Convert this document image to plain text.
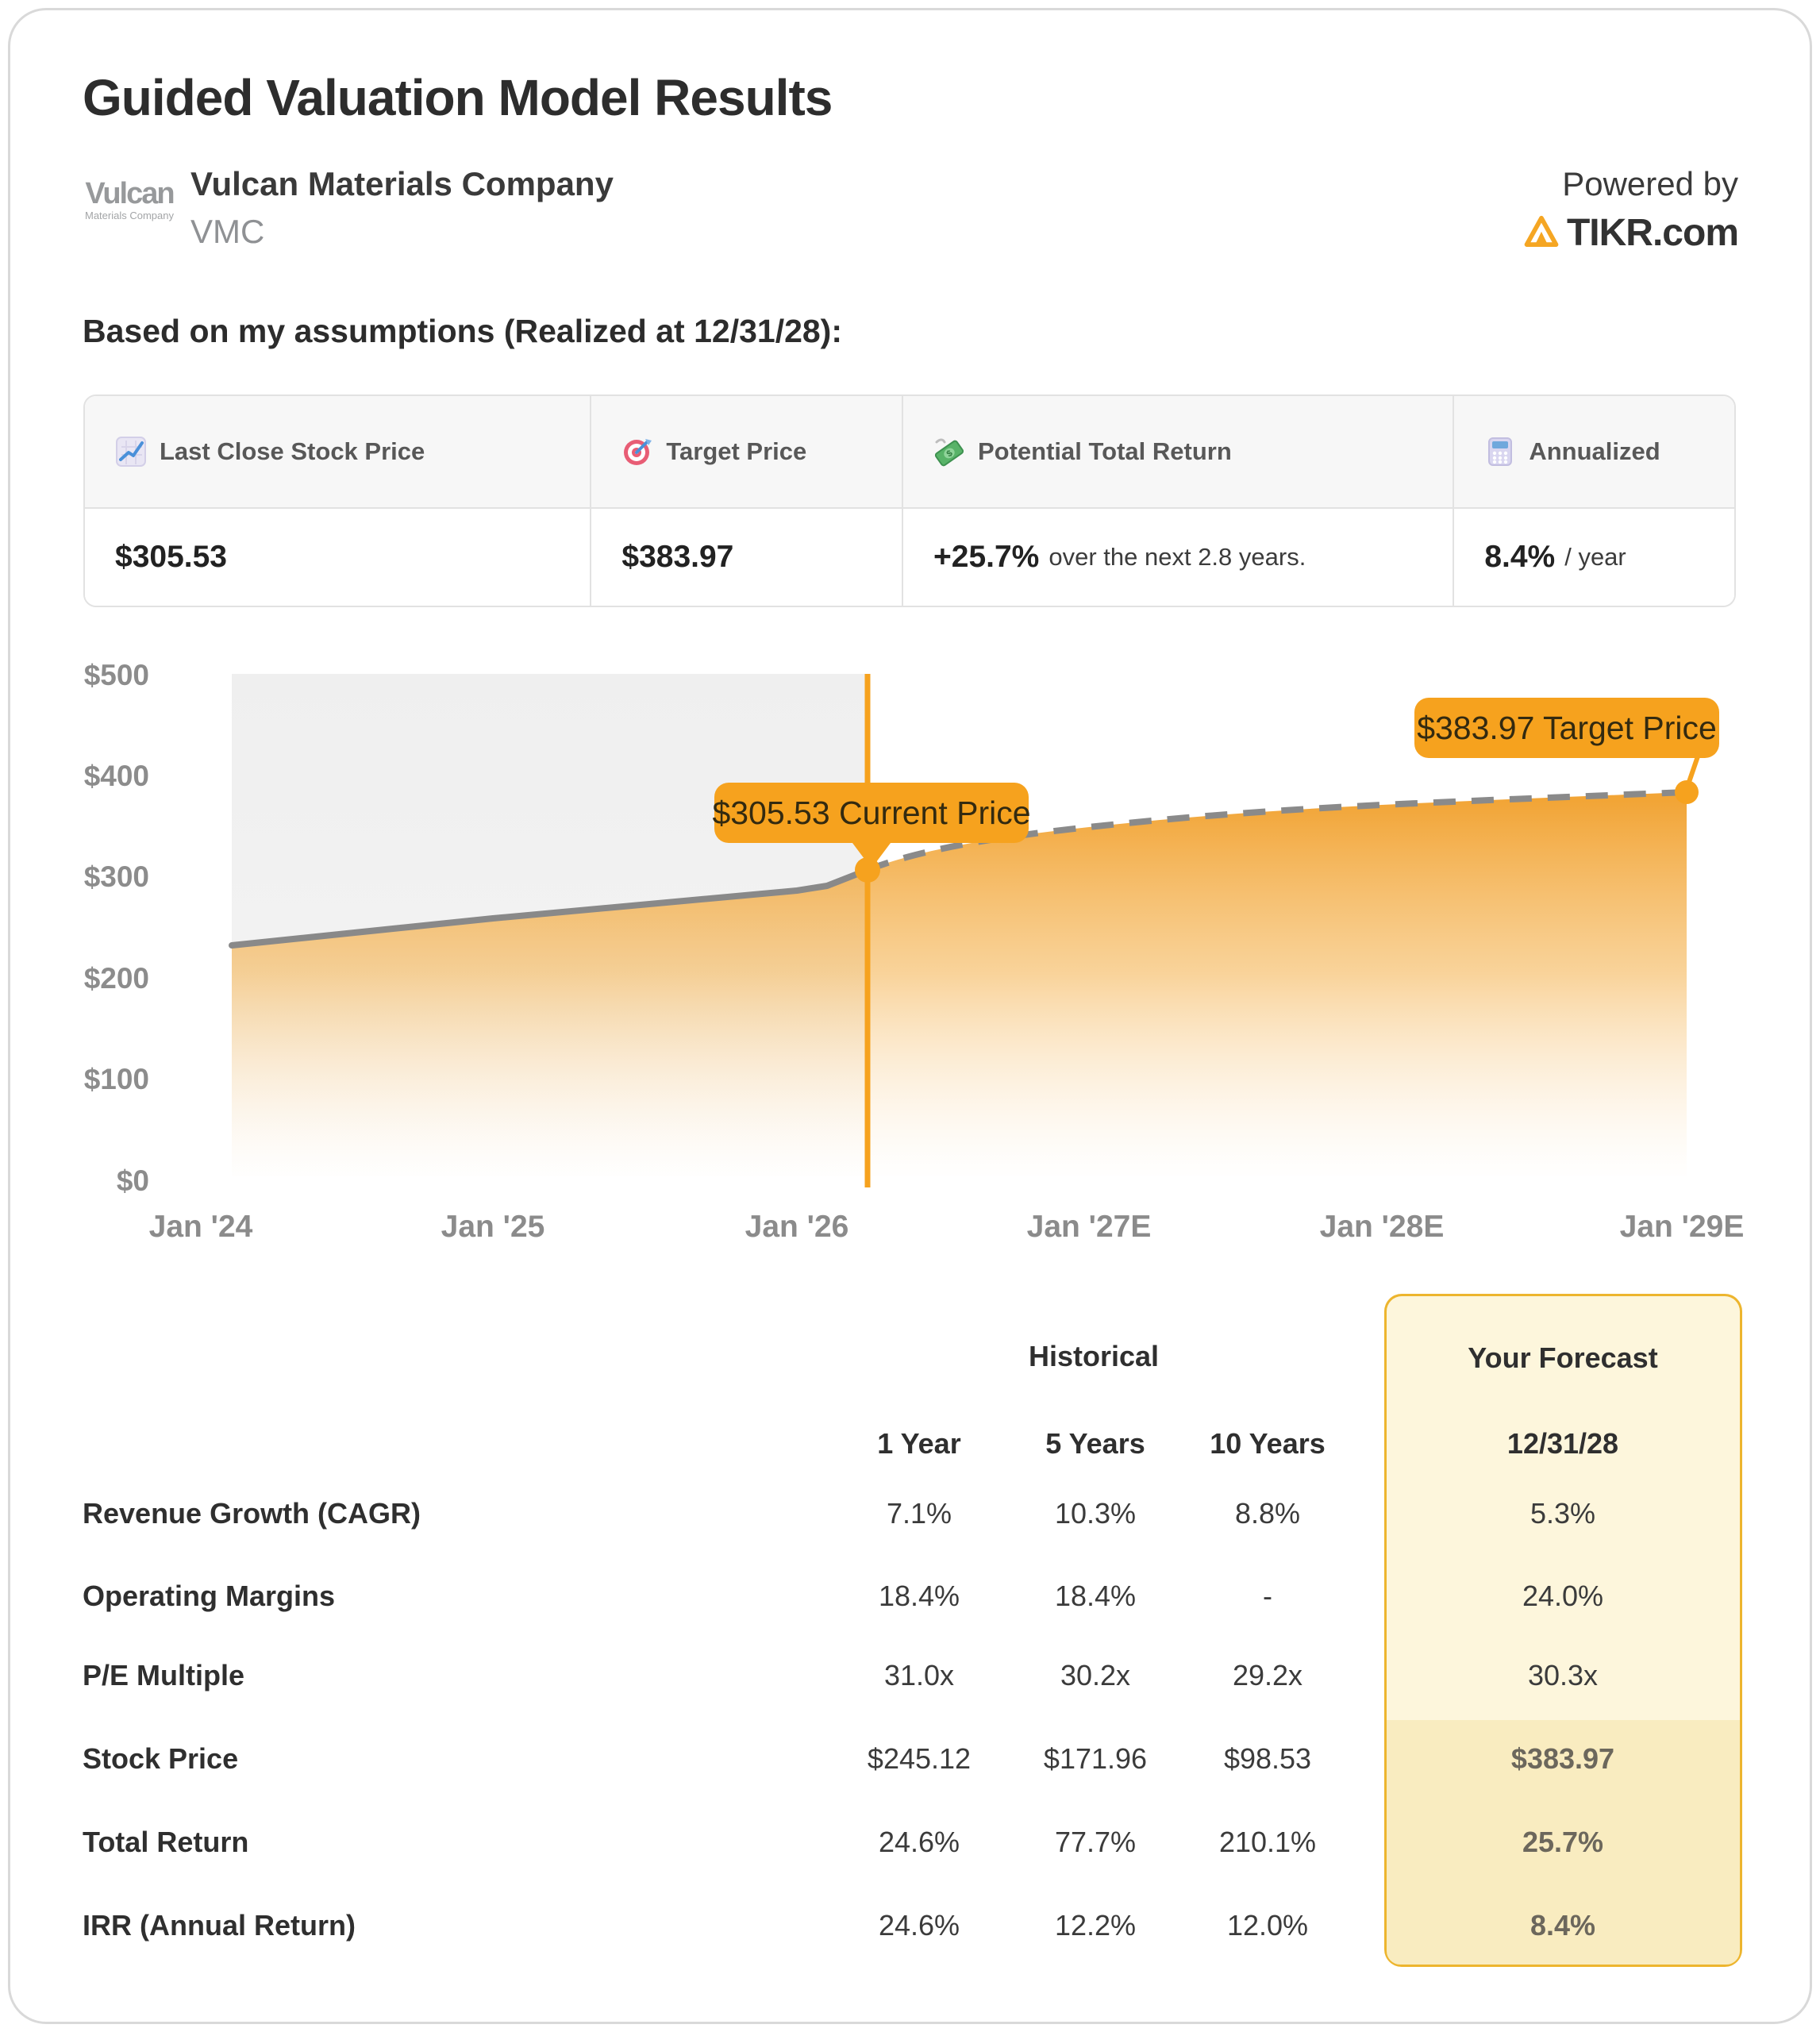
Guided Valuation Model Results
Vulcan
Materials Company
Vulcan Materials Company
VMC
Powered by
TIKR.com
Based on my assumptions (Realized at 12/31/28):
Last Close Stock Price	Target Price	$ Potential Total Return	Annualized
$305.53	$383.97	+25.7% over the next 2.8 years.	8.4% / year
$500
$400
$300
$200
$100
$0
Jan '24	Jan '25	Jan '26	Jan '27E	Jan '28E	Jan '29E
$305.53 Current Price
$383.97 Target Price
Historical	Your Forecast
1 Year	5 Years	10 Years	12/31/28
Revenue Growth (CAGR)	7.1%	10.3%	8.8%	5.3%
Operating Margins	18.4%	18.4%	-	24.0%
P/E Multiple	31.0x	30.2x	29.2x	30.3x
Stock Price	$245.12	$171.96	$98.53	$383.97
Total Return	24.6%	77.7%	210.1%	25.7%
IRR (Annual Return)	24.6%	12.2%	12.0%	8.4%
